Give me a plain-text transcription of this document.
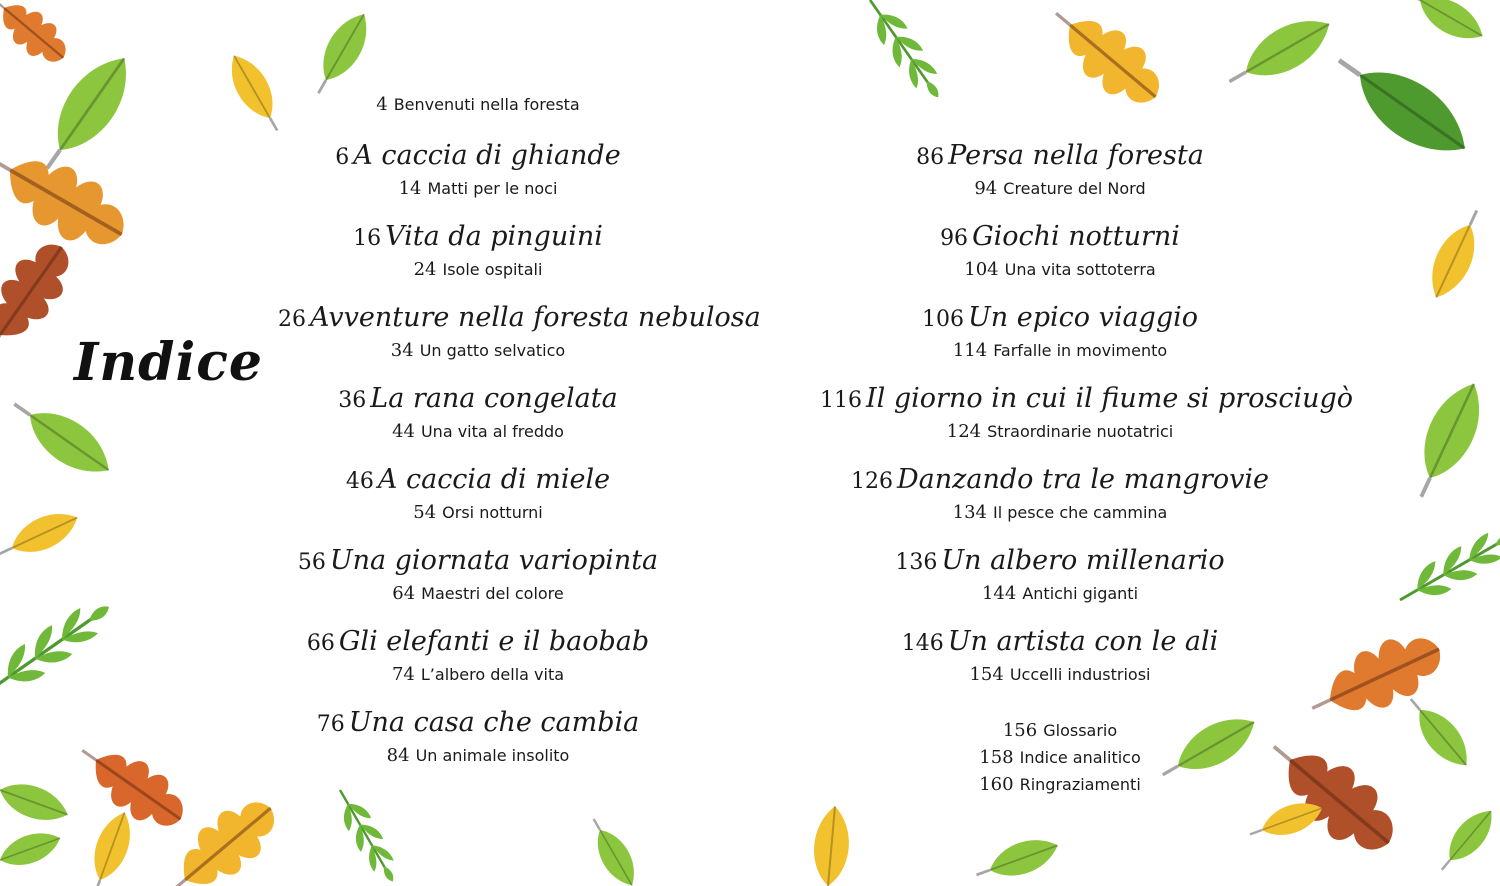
Indice
4 Benvenuti nella foresta
6 A caccia di ghiande
14 Matti per le noci
16 Vita da pinguini
24 Isole ospitali
26 Avventure nella foresta nebulosa
34 Un gatto selvatico
36 La rana congelata
44 Una vita al freddo
46 A caccia di miele
54 Orsi notturni
56 Una giornata variopinta
64 Maestri del colore
66 Gli elefanti e il baobab
74 L’albero della vita
76 Una casa che cambia
84 Un animale insolito
86 Persa nella foresta
94 Creature del Nord
96 Giochi notturni
104 Una vita sottoterra
106 Un epico viaggio
114 Farfalle in movimento
116 Il giorno in cui il fiume si prosciugò
124 Straordinarie nuotatrici
126 Danzando tra le mangrovie
134 Il pesce che cammina
136 Un albero millenario
144 Antichi giganti
146 Un artista con le ali
154 Uccelli industriosi
156 Glossario
158 Indice analitico
160 Ringraziamenti
